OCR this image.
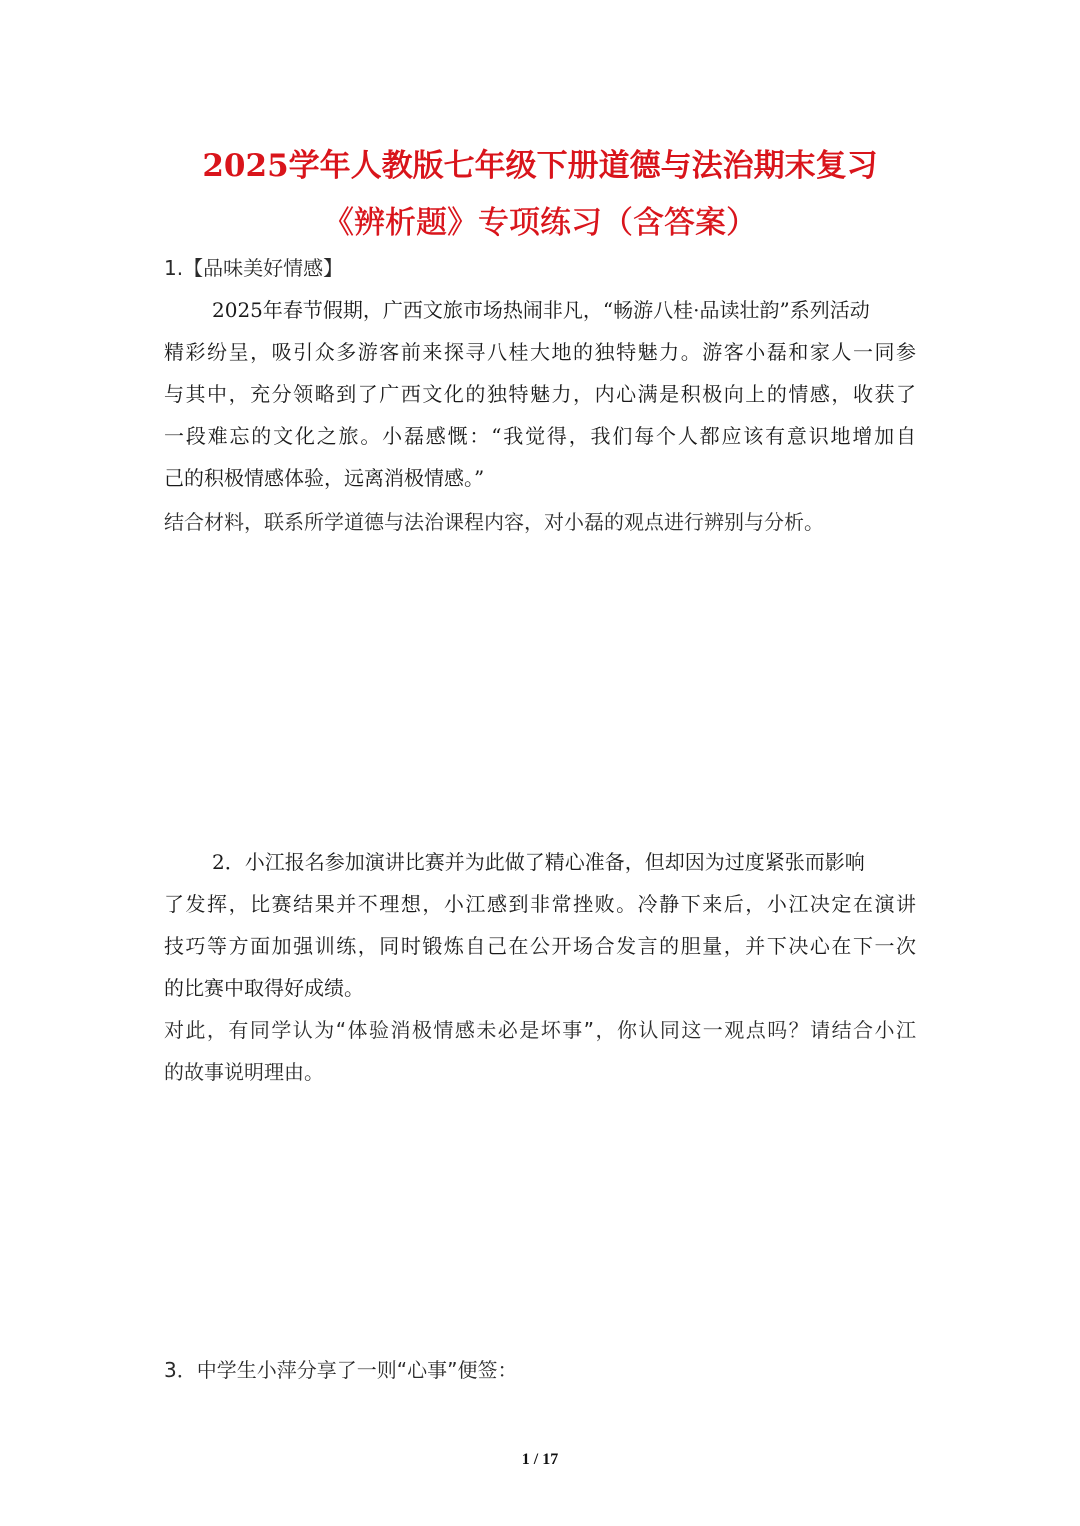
2025学年人教版七年级下册道德与法治期末复习
《辨析题》专项练习（含答案）
1.【品味美好情感】
2025年春节假期，广西文旅市场热闹非凡，“畅游八桂·品读壮韵”系列活动
精彩纷呈，吸引众多游客前来探寻八桂大地的独特魅力。游客小磊和家人一同参
与其中，充分领略到了广西文化的独特魅力，内心满是积极向上的情感，收获了
一段难忘的文化之旅。小磊感慨：“我觉得，我们每个人都应该有意识地增加自
己的积极情感体验，远离消极情感。”
结合材料，联系所学道德与法治课程内容，对小磊的观点进行辨别与分析。
2．小江报名参加演讲比赛并为此做了精心准备，但却因为过度紧张而影响
了发挥，比赛结果并不理想，小江感到非常挫败。冷静下来后，小江决定在演讲
技巧等方面加强训练，同时锻炼自己在公开场合发言的胆量，并下决心在下一次
的比赛中取得好成绩。
对此，有同学认为“体验消极情感未必是坏事”，你认同这一观点吗？请结合小江
的故事说明理由。
3．中学生小萍分享了一则“心事”便签：
1 / 17
